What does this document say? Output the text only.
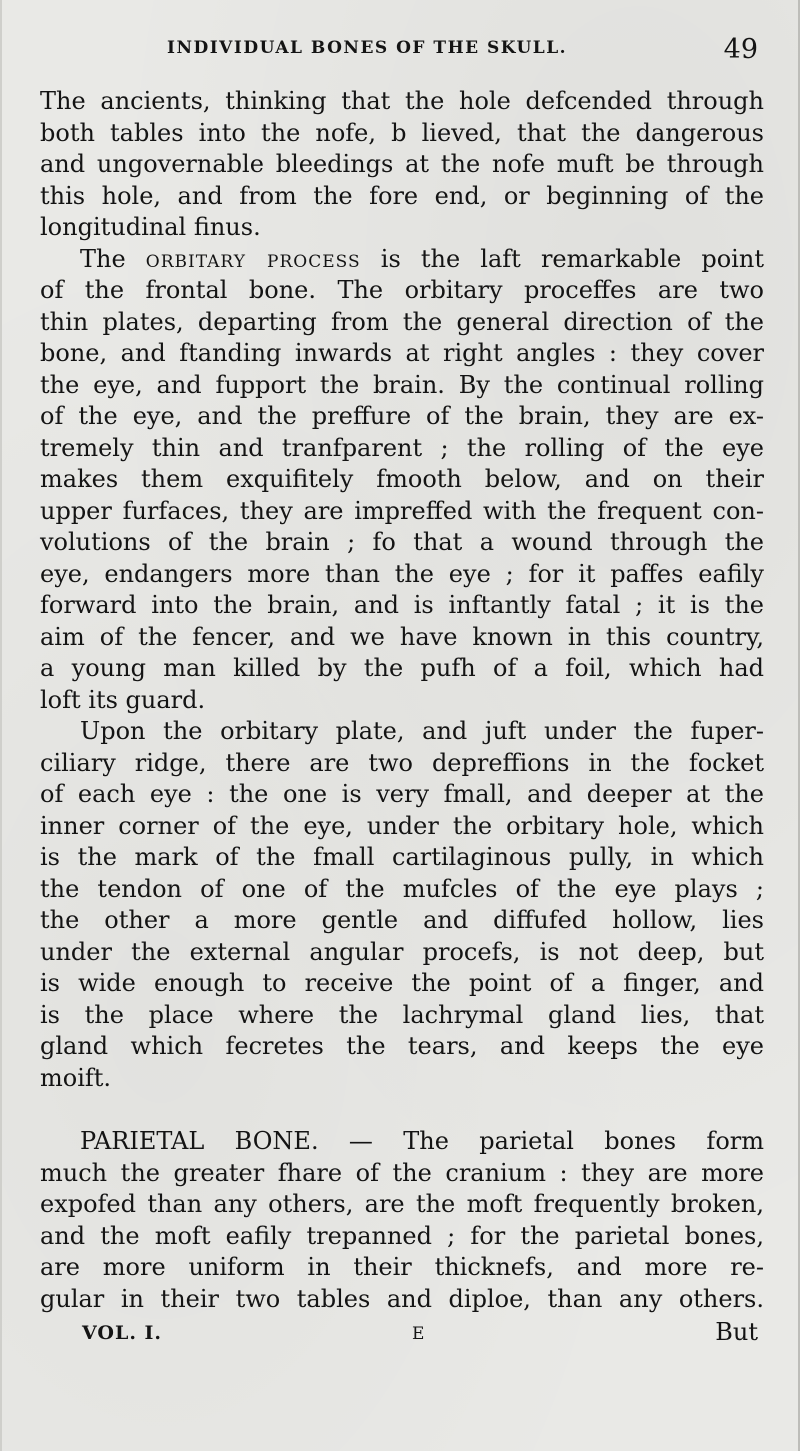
INDIVIDUAL BONES OF THE SKULL.	49
The ancients, thinking that the hole defcended through
both tables into the nofe, b lieved, that the dangerous
and ungovernable bleedings at the nofe muft be through
this hole, and from the fore end, or beginning of the
longitudinal finus.
The orbitary process is the laft remarkable point
of the frontal bone. The orbitary proceffes are two
thin plates, departing from the general direction of the
bone, and ftanding inwards at right angles : they cover
the eye, and fupport the brain. By the continual rolling
of the eye, and the preffure of the brain, they are ex-
tremely thin and tranfparent ; the rolling of the eye
makes them exquifitely fmooth below, and on their
upper furfaces, they are impreffed with the frequent con-
volutions of the brain ; fo that a wound through the
eye, endangers more than the eye ; for it paffes eafily
forward into the brain, and is inftantly fatal ; it is the
aim of the fencer, and we have known in this country,
a young man killed by the pufh of a foil, which had
loft its guard.
Upon the orbitary plate, and juft under the fuper-
ciliary ridge, there are two depreffions in the focket
of each eye : the one is very fmall, and deeper at the
inner corner of the eye, under the orbitary hole, which
is the mark of the fmall cartilaginous pully, in which
the tendon of one of the mufcles of the eye plays ;
the other a more gentle and diffufed hollow, lies
under the external angular procefs, is not deep, but
is wide enough to receive the point of a finger, and
is the place where the lachrymal gland lies, that
gland which fecretes the tears, and keeps the eye
moift.
PARIETAL BONE. — The parietal bones form
much the greater fhare of the cranium : they are more
expofed than any others, are the moft frequently broken,
and the moft eafily trepanned ; for the parietal bones,
are more uniform in their thicknefs, and more re-
gular in their two tables and diploe, than any others.
VOL. I.	E	But
